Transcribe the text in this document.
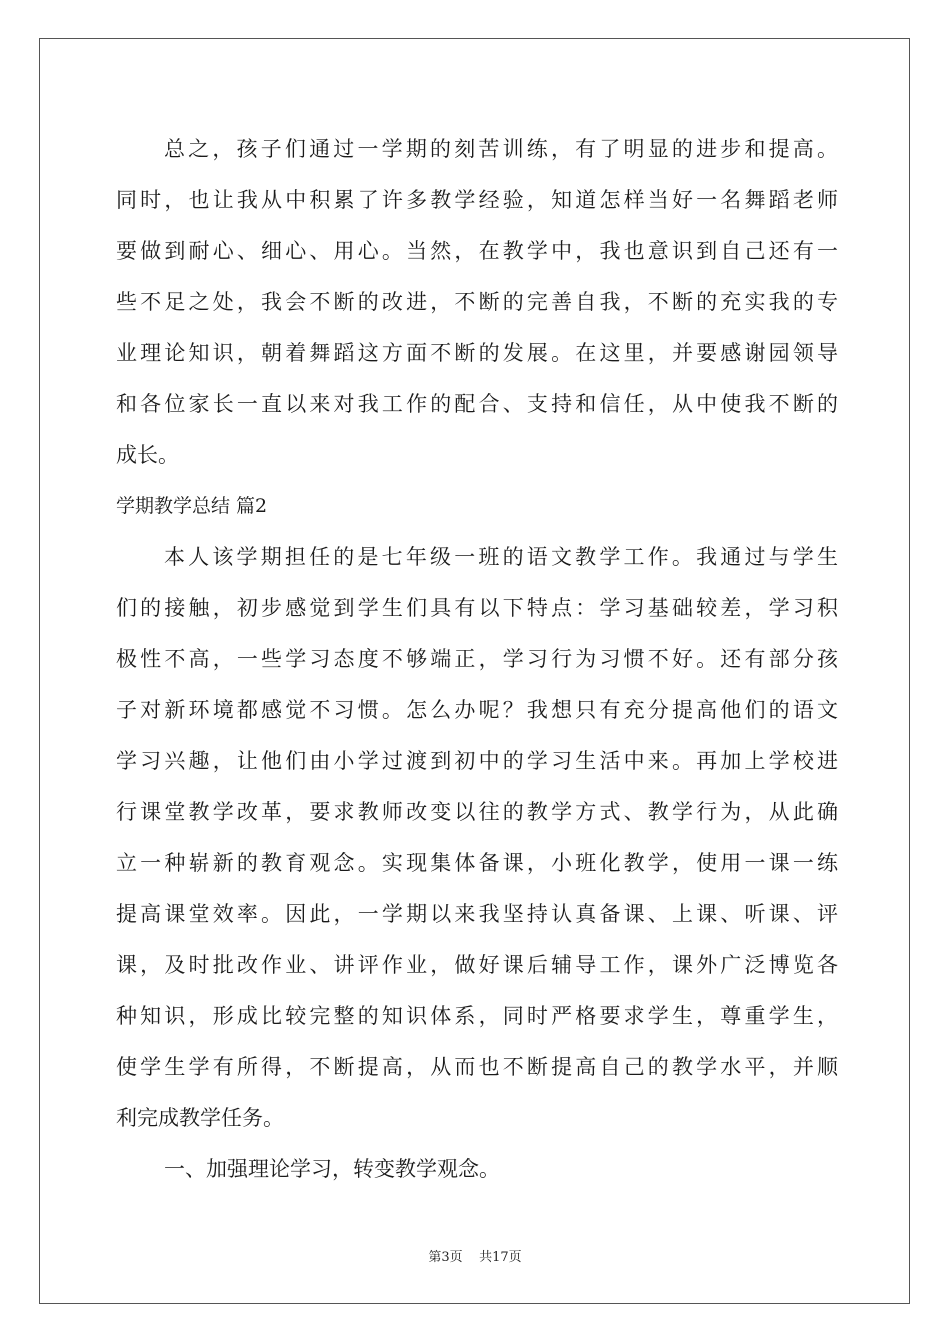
总之，孩子们通过一学期的刻苦训练，有了明显的进步和提高。
同时，也让我从中积累了许多教学经验，知道怎样当好一名舞蹈老师
要做到耐心、细心、用心。当然，在教学中，我也意识到自己还有一
些不足之处，我会不断的改进，不断的完善自我，不断的充实我的专
业理论知识，朝着舞蹈这方面不断的发展。在这里，并要感谢园领导
和各位家长一直以来对我工作的配合、支持和信任，从中使我不断的
成长。
学期教学总结 篇2
本人该学期担任的是七年级一班的语文教学工作。我通过与学生
们的接触，初步感觉到学生们具有以下特点：学习基础较差，学习积
极性不高，一些学习态度不够端正，学习行为习惯不好。还有部分孩
子对新环境都感觉不习惯。怎么办呢？我想只有充分提高他们的语文
学习兴趣，让他们由小学过渡到初中的学习生活中来。再加上学校进
行课堂教学改革，要求教师改变以往的教学方式、教学行为，从此确
立一种崭新的教育观念。实现集体备课，小班化教学，使用一课一练
提高课堂效率。因此，一学期以来我坚持认真备课、上课、听课、评
课，及时批改作业、讲评作业，做好课后辅导工作，课外广泛博览各
种知识，形成比较完整的知识体系，同时严格要求学生，尊重学生，
使学生学有所得，不断提高，从而也不断提高自己的教学水平，并顺
利完成教学任务。
一、加强理论学习，转变教学观念。
第3页 共17页
